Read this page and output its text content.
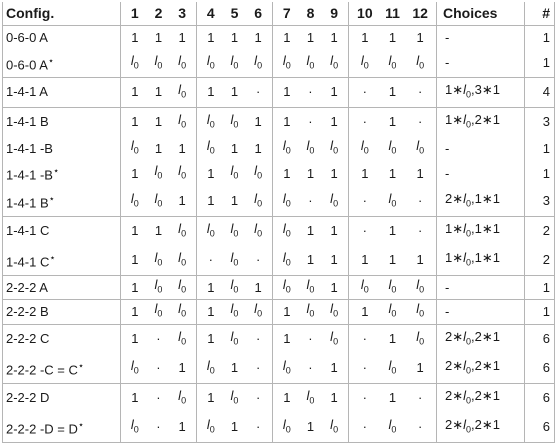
Config.	1 2 3	4 5 6	7 8 9	10 11 12	Choices	#
0-6-0 A	1 1 1	1 1 1	1 1 1	1 1 1	-	1
0-6-0 A⋆	$l_0$ $l_0$ $l_0$	$l_0$ $l_0$ $l_0$	$l_0$ $l_0$ $l_0$	$l_0$ $l_0$ $l_0$	-	1
1-4-1 A	1 1 $l_0$	1 1 ·	1 · 1	· 1 ·	$1∗l_0,3∗1$	4
1-4-1 B	1 1 $l_0$	$l_0$ $l_0$ 1	1 · 1	· 1 ·	$1∗l_0,2∗1$	3
1-4-1 -B	$l_0$ 1 1	$l_0$ 1 1	$l_0$ $l_0$ $l_0$	$l_0$ $l_0$ $l_0$	-	1
1-4-1 -B⋆	1 $l_0$ $l_0$	1 $l_0$ $l_0$	1 1 1	1 1 1	-	1
1-4-1 B⋆	$l_0$ $l_0$ 1	1 1 $l_0$	$l_0 \cdot l_0$	· $l_0$ ·	$2∗l_0,1∗1$	3
1-4-1 C	1 1 $l_0$	$l_0$ $l_0$ $l_0$	$l_0$ 1 1	· 1 ·	$1∗l_0,1∗1$	2
1-4-1 C⋆	1 $l_0$ $l_0$	· $l_0$ ·	$l_0$ 1 1	1 1 1	$1∗l_0,1∗1$	2
2-2-2 A	1 $l_0$ $l_0$	1 $l_0$ 1	$l_0$ $l_0$ 1	$l_0$ $l_0$ $l_0$	-	1
2-2-2 B	1 $l_0$ $l_0$	1 $l_0$ $l_0$	1 $l_0$ $l_0$	1 $l_0$ $l_0$	-	1
2-2-2 C	$1 \cdot l_0$	1 $l_0$ ·	$1 \cdot l_0$	· 1 $l_0$	$2∗l_0,2∗1$	6
2-2-2 -C = C⋆	$l_0 \cdot 1$	$l_0$ 1 ·	$l_0 \cdot 1$	· $l_0$ 1	$2∗l_0,2∗1$	6
2-2-2 D	$1 \cdot l_0$	1 $l_0$ ·	1 $l_0$ 1	· 1 ·	$2∗l_0,2∗1$	6
2-2-2 -D = D⋆	$l_0 \cdot 1$	$l_0$ 1 ·	$l_0$ 1 $l_0$	· $l_0$ ·	$2∗l_0,2∗1$	6
